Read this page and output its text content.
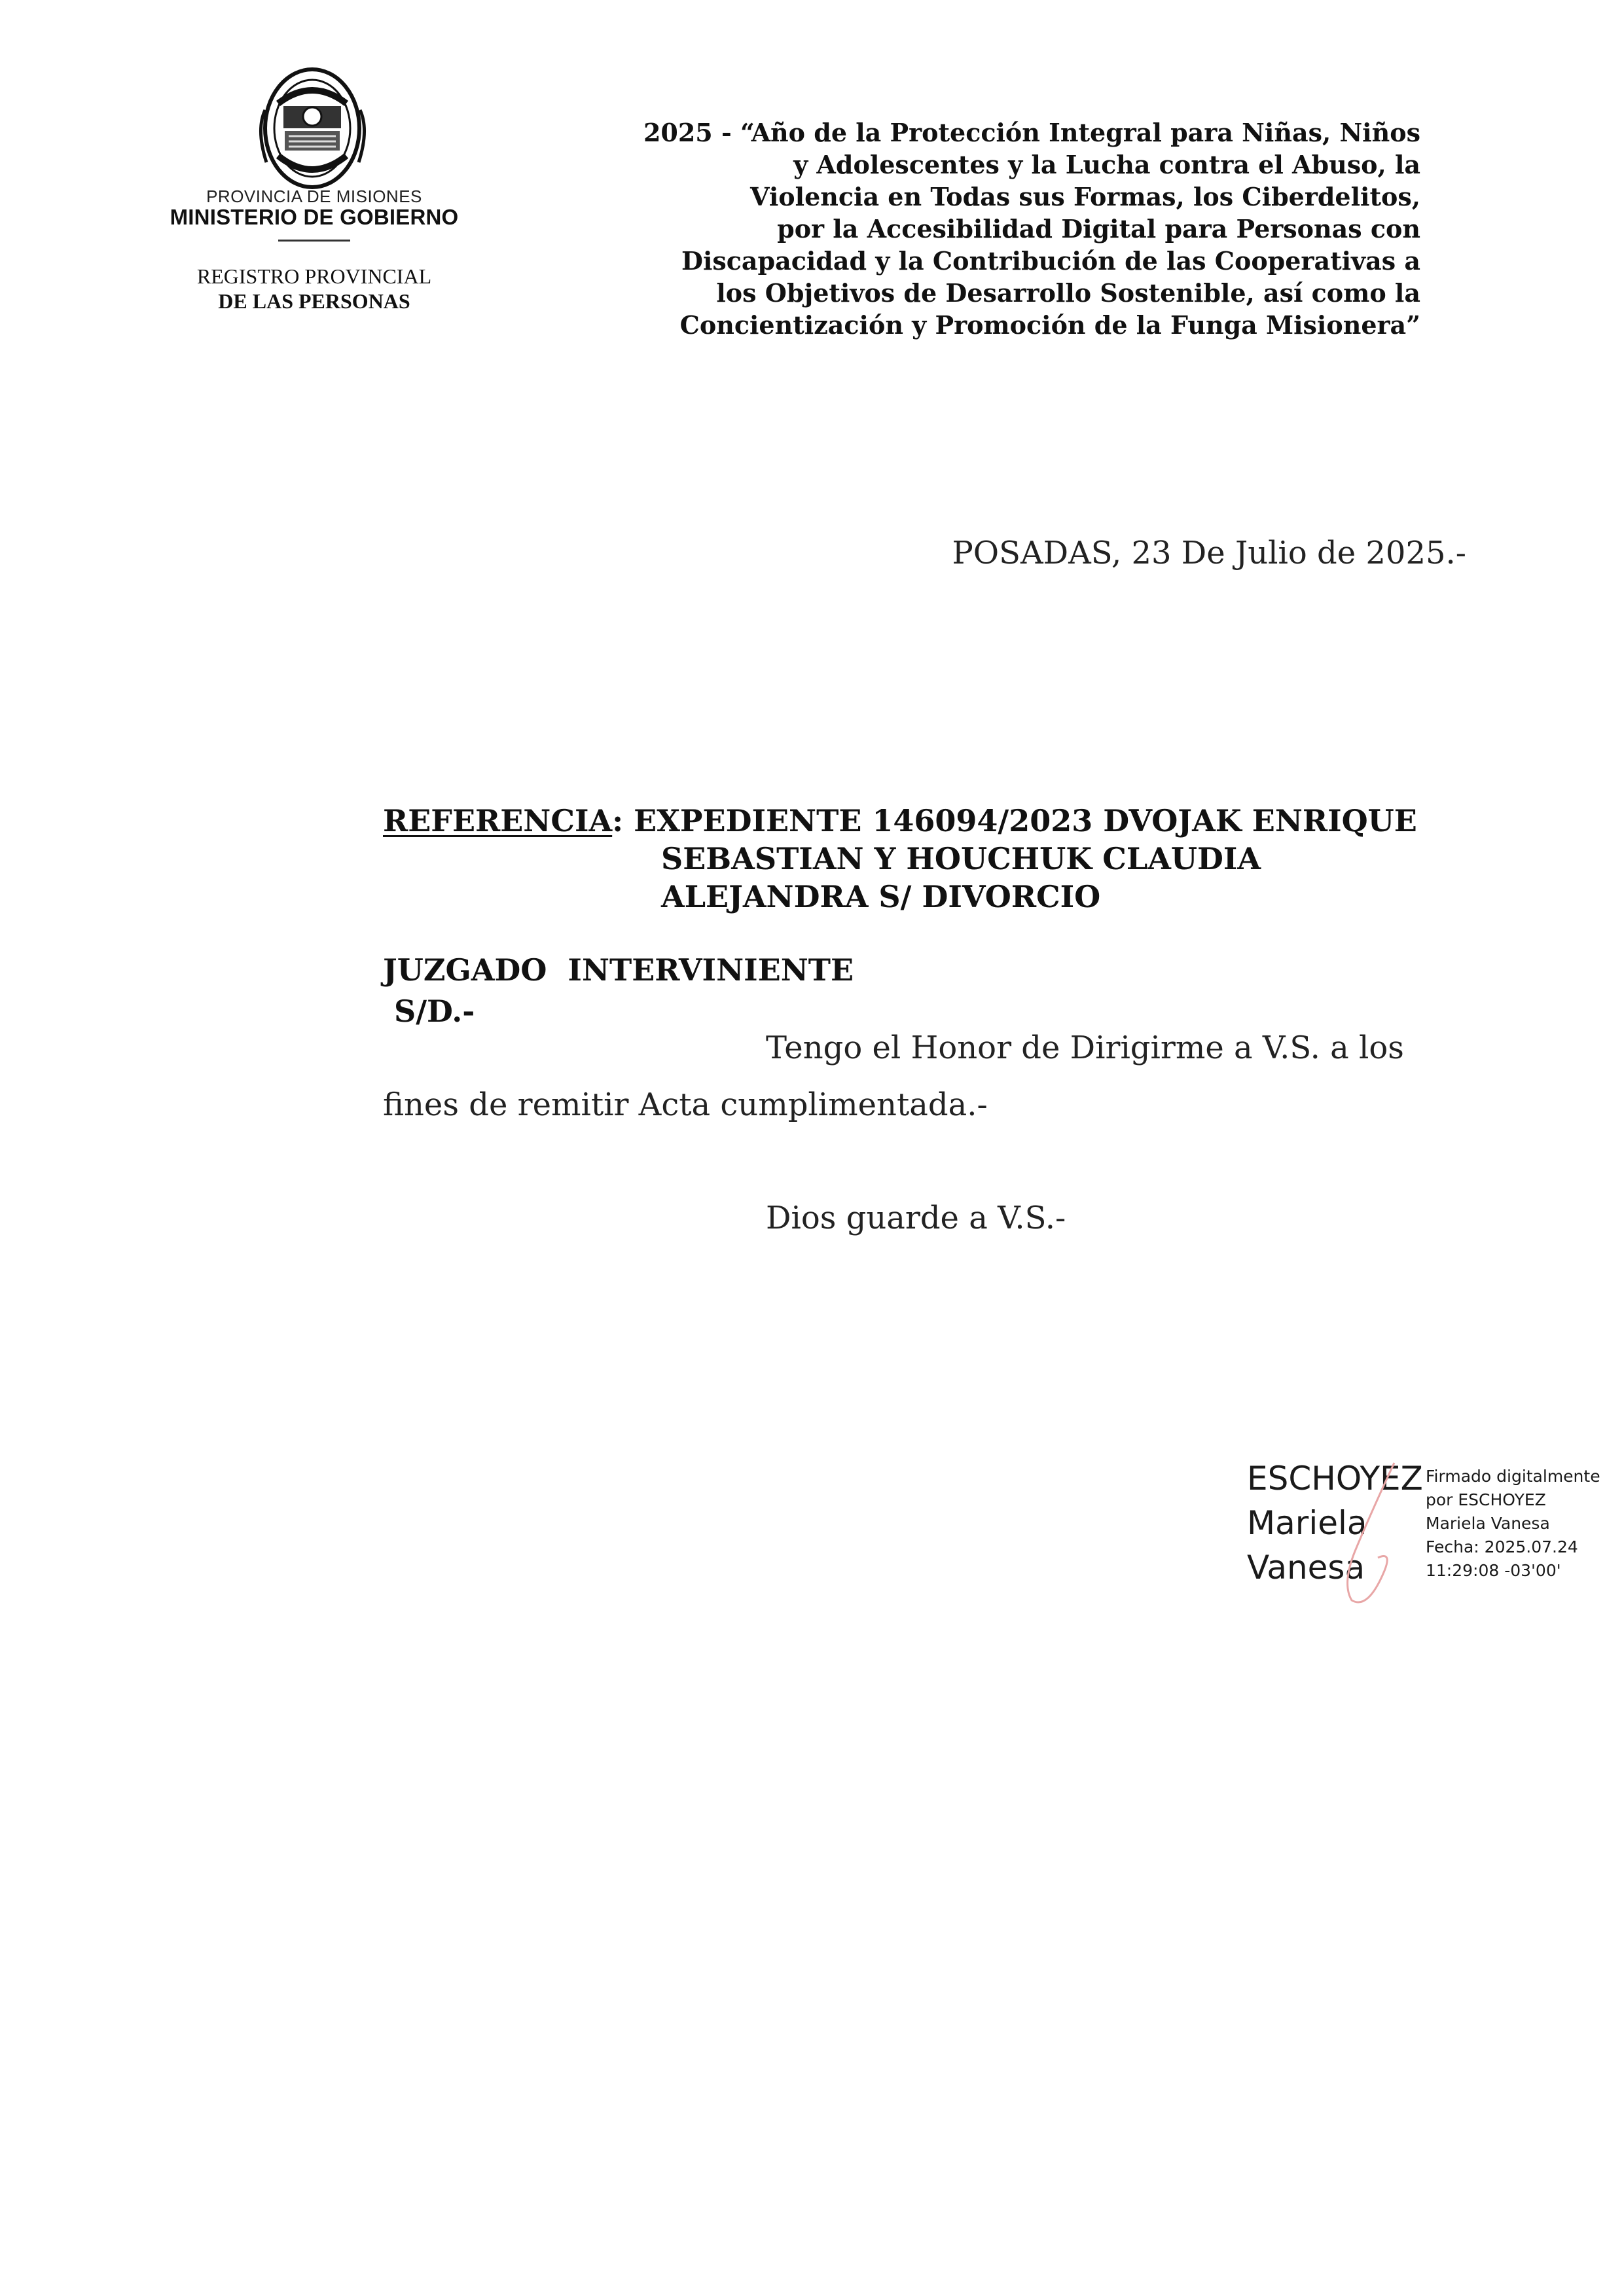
PROVINCIA DE MISIONES
MINISTERIO DE GOBIERNO
REGISTRO PROVINCIAL
DE LAS PERSONAS
2025 - “Año de la Protección Integral para Niñas, Niños
y Adolescentes y la Lucha contra el Abuso, la
Violencia en Todas sus Formas, los Ciberdelitos,
por la Accesibilidad Digital para Personas con
Discapacidad y la Contribución de las Cooperativas a
los Objetivos de Desarrollo Sostenible, así como la
Concientización y Promoción de la Funga Misionera”
POSADAS, 23 De Julio de 2025.-
REFERENCIA: EXPEDIENTE 146094/2023 DVOJAK ENRIQUE
SEBASTIAN Y HOUCHUK CLAUDIA
ALEJANDRA S/ DIVORCIO
JUZGADO  INTERVINIENTE
S/D.-
Tengo el Honor de Dirigirme a V.S. a los
fines de remitir Acta cumplimentada.-
Dios guarde a V.S.-
ESCHOYEZ
Mariela
Vanesa
Firmado digitalmente
por ESCHOYEZ
Mariela Vanesa
Fecha: 2025.07.24
11:29:08 -03'00'
